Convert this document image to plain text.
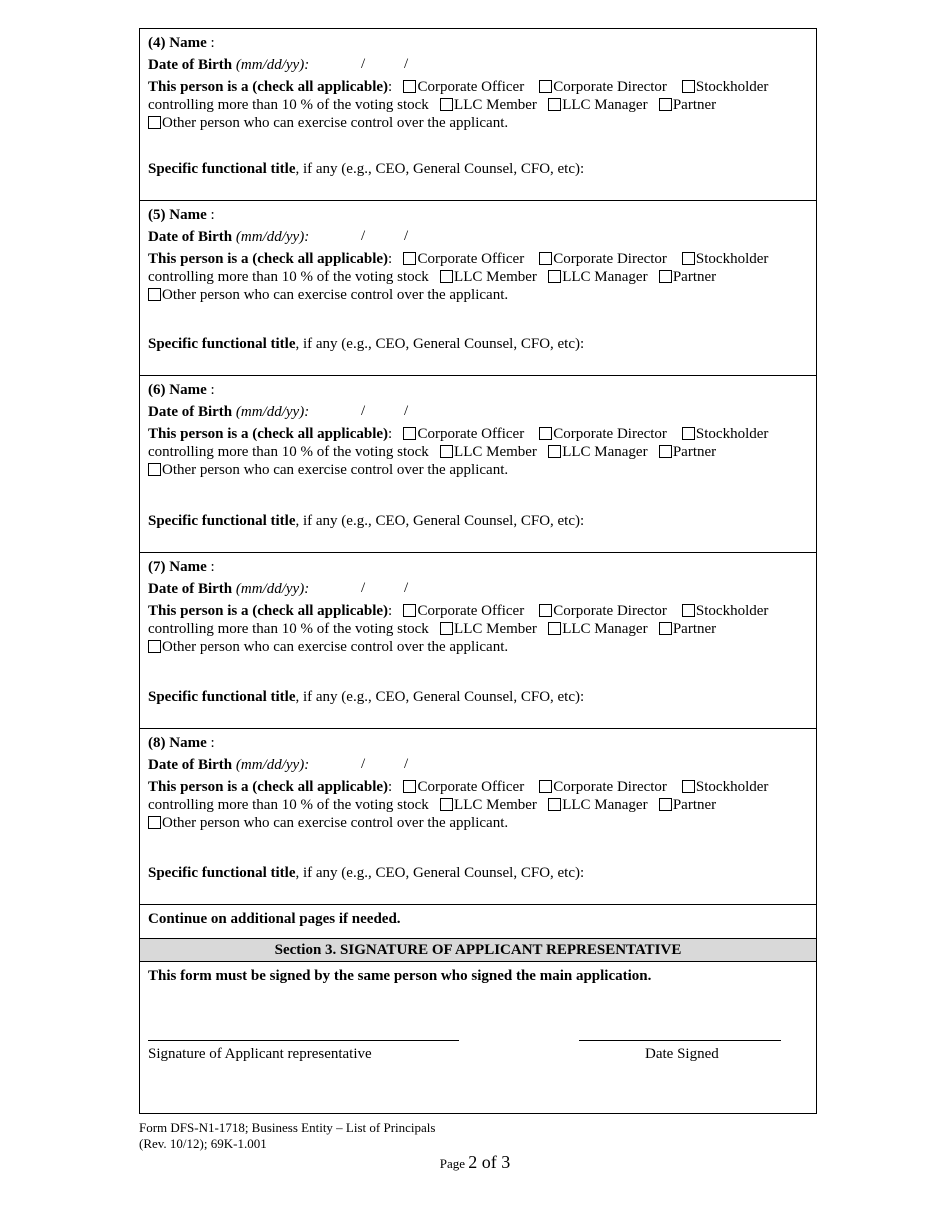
(4) Name :
Date of Birth (mm/dd/yy):	/	/
This person is a (check all applicable): Corporate Officer Corporate Director Stockholder
controlling more than 10 % of the voting stock LLC Member LLC Manager Partner
Other person who can exercise control over the applicant.
Specific functional title, if any (e.g., CEO, General Counsel, CFO, etc):
(5) Name :
Date of Birth (mm/dd/yy):	/	/
This person is a (check all applicable): Corporate Officer Corporate Director Stockholder
controlling more than 10 % of the voting stock LLC Member LLC Manager Partner
Other person who can exercise control over the applicant.
Specific functional title, if any (e.g., CEO, General Counsel, CFO, etc):
(6) Name :
Date of Birth (mm/dd/yy):	/	/
This person is a (check all applicable): Corporate Officer Corporate Director Stockholder
controlling more than 10 % of the voting stock LLC Member LLC Manager Partner
Other person who can exercise control over the applicant.
Specific functional title, if any (e.g., CEO, General Counsel, CFO, etc):
(7) Name :
Date of Birth (mm/dd/yy):	/	/
This person is a (check all applicable): Corporate Officer Corporate Director Stockholder
controlling more than 10 % of the voting stock LLC Member LLC Manager Partner
Other person who can exercise control over the applicant.
Specific functional title, if any (e.g., CEO, General Counsel, CFO, etc):
(8) Name :
Date of Birth (mm/dd/yy):	/	/
This person is a (check all applicable): Corporate Officer Corporate Director Stockholder
controlling more than 10 % of the voting stock LLC Member LLC Manager Partner
Other person who can exercise control over the applicant.
Specific functional title, if any (e.g., CEO, General Counsel, CFO, etc):
Continue on additional pages if needed.
Section 3. SIGNATURE OF APPLICANT REPRESENTATIVE
This form must be signed by the same person who signed the main application.
Signature of Applicant representative	Date Signed
Form DFS-N1-1718; Business Entity – List of Principals
(Rev. 10/12); 69K-1.001
Page 2 of 3
